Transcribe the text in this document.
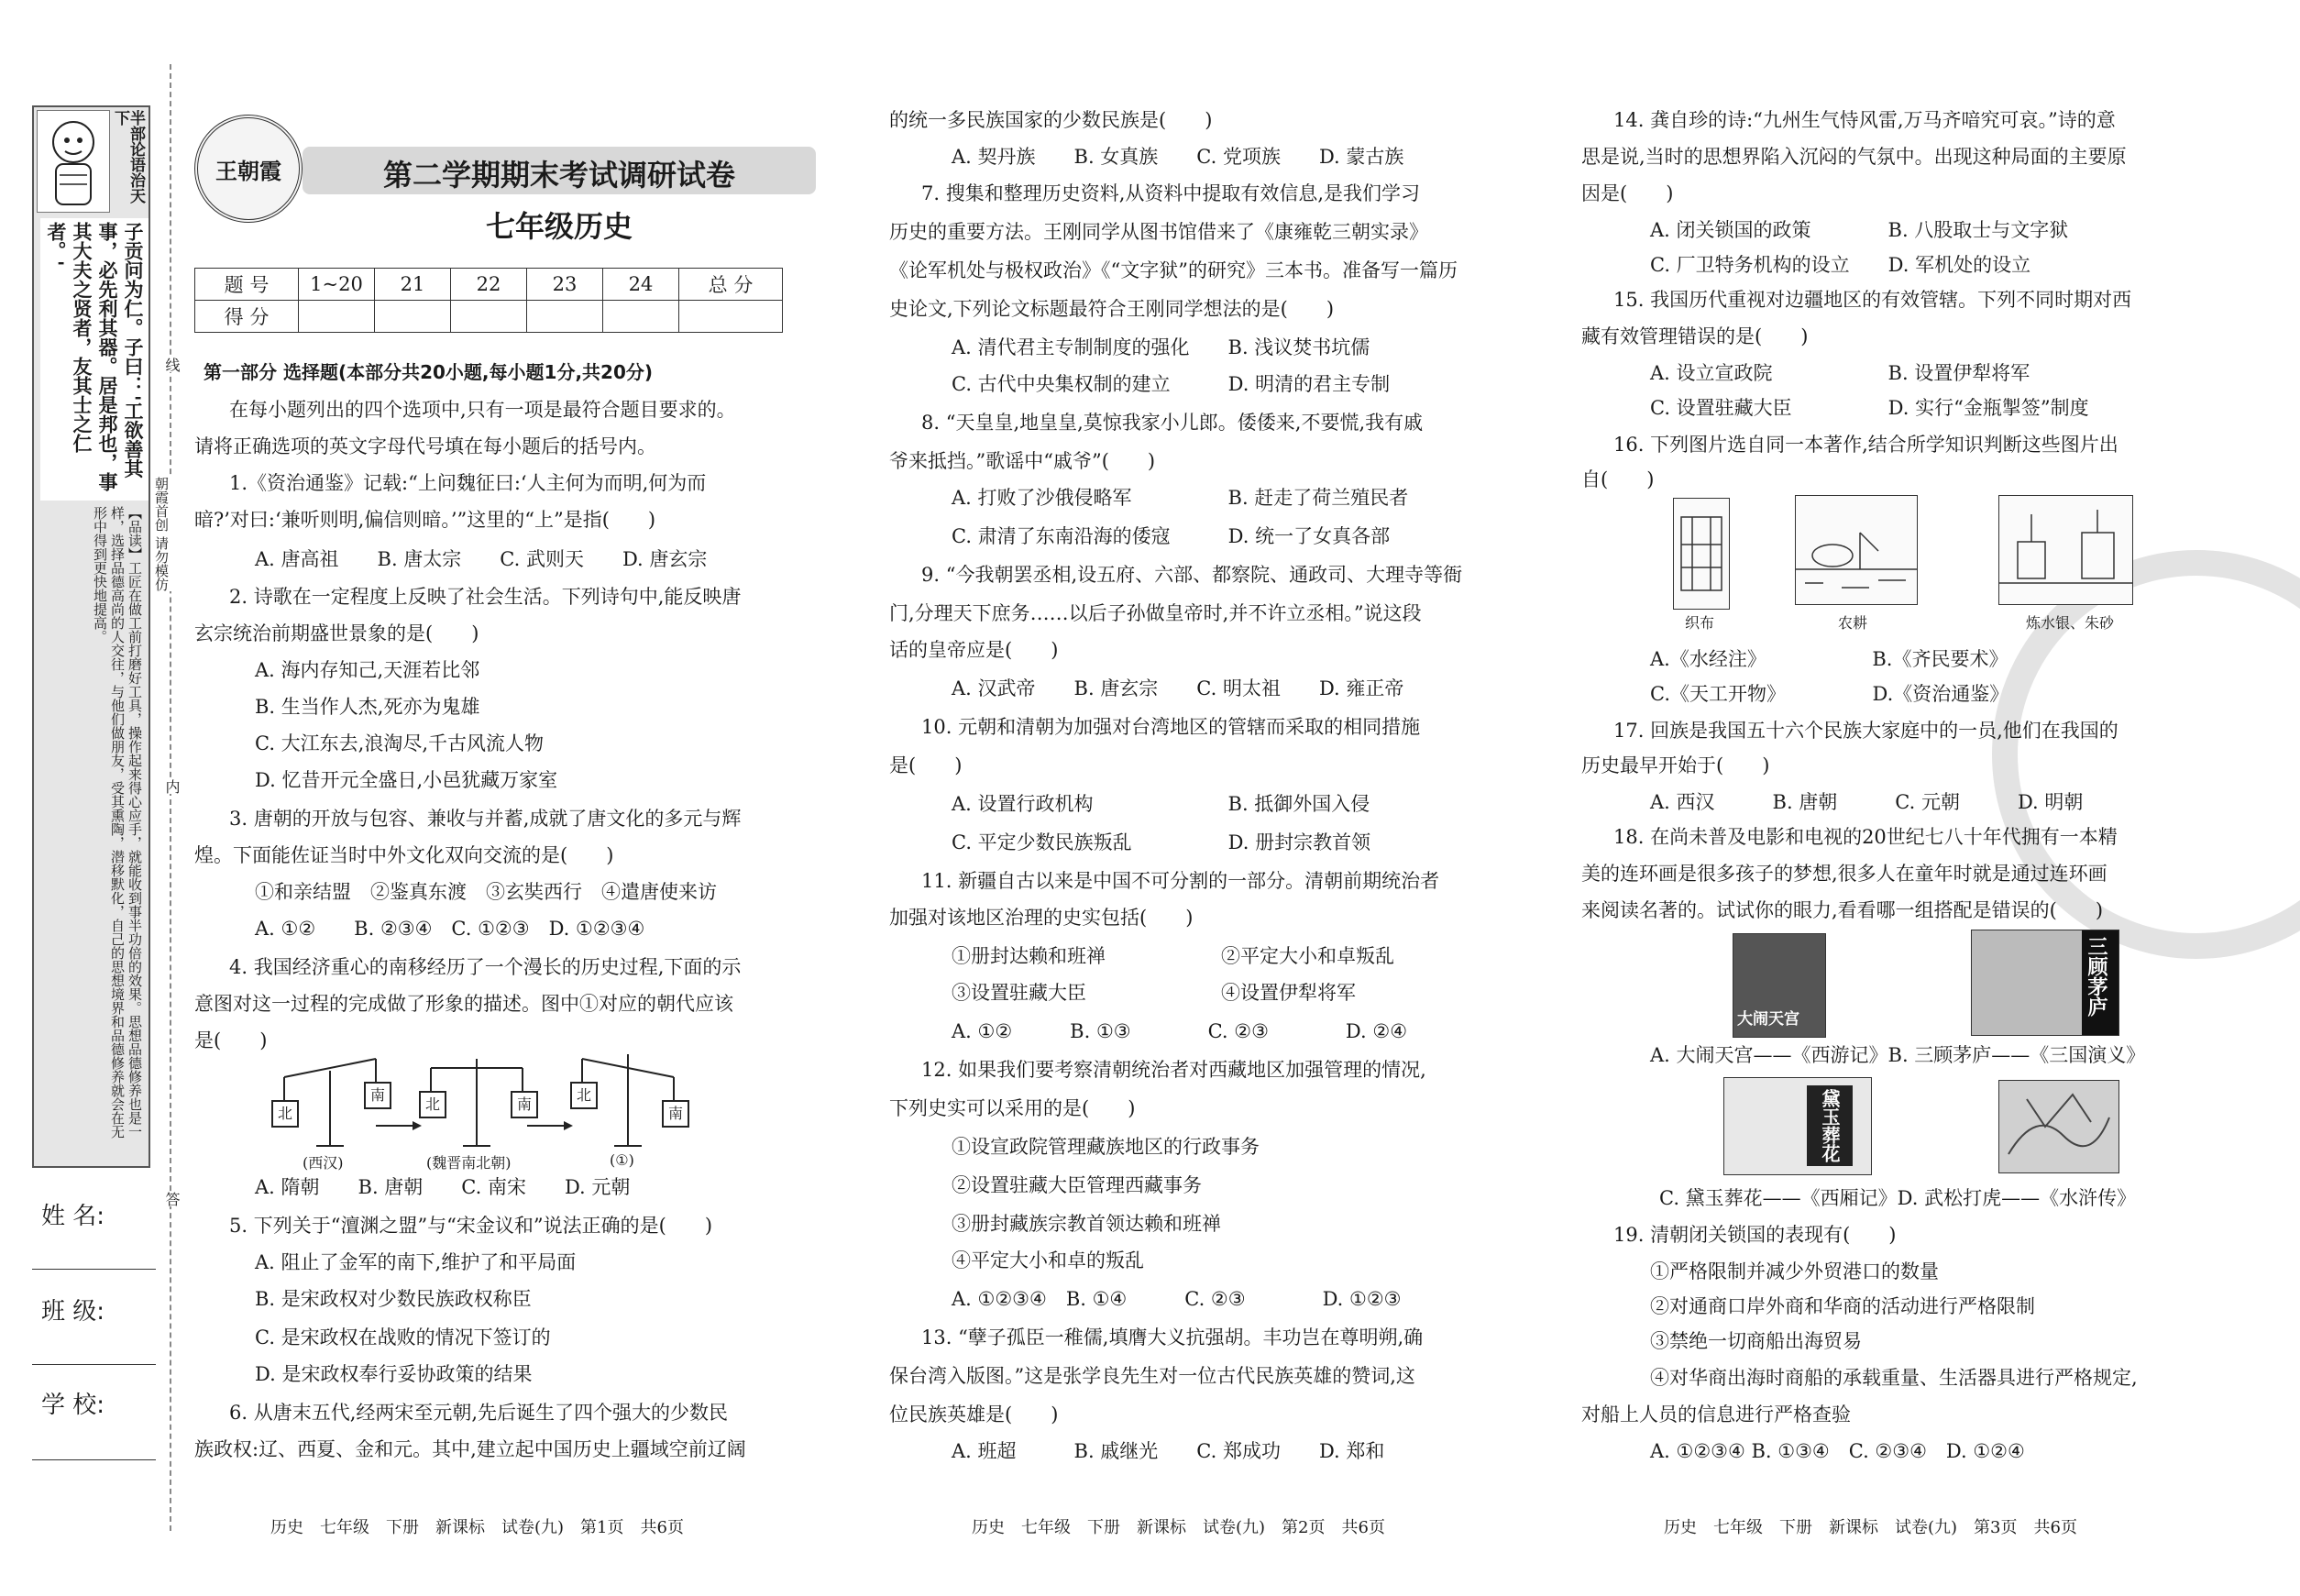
半部论语治天下
子贡问为仁。子曰：'工欲善其事，必先利其器。居是邦也，事其大夫之贤者，友其士之仁者。'
【品读】工匠在做工前打磨好工具，操作起来得心应手，就能收到事半功倍的效果。思想品德修养也是一样，选择品德高尚的人交往，与他们做朋友，受其熏陶，潜移默化，自己的思想境界和品德修养就会在无形中得到更快地提高。
线
朝霞首创 请勿模仿
内
答
姓 名:
班 级:
学 校:
王朝霞	第二学期期末考试调研试卷
七年级历史
题 号	1~20	21	22	23	24	总 分
得 分						
第一部分 选择题(本部分共20小题,每小题1分,共20分)
在每小题列出的四个选项中,只有一项是最符合题目要求的。
请将正确选项的英文字母代号填在每小题后的括号内。
1.《资治通鉴》记载:“上问魏征曰:‘人主何为而明,何为而
暗?’对曰:‘兼听则明,偏信则暗。’”这里的“上”是指(　　)
A. 唐高祖　　B. 唐太宗　　C. 武则天　　D. 唐玄宗
2. 诗歌在一定程度上反映了社会生活。下列诗句中,能反映唐
玄宗统治前期盛世景象的是(　　)
A. 海内存知己,天涯若比邻
B. 生当作人杰,死亦为鬼雄
C. 大江东去,浪淘尽,千古风流人物
D. 忆昔开元全盛日,小邑犹藏万家室
3. 唐朝的开放与包容、兼收与并蓄,成就了唐文化的多元与辉
煌。下面能佐证当时中外文化双向交流的是(　　)
①和亲结盟　②鉴真东渡　③玄奘西行　④遣唐使来访
A. ①②　　B. ②③④　C. ①②③　D. ①②③④
4. 我国经济重心的南移经历了一个漫长的历史过程,下面的示
意图对这一过程的完成做了形象的描述。图中①对应的朝代应该
是(　　)
北
南
北	南
北
南
(西汉)	(魏晋南北朝)	(①)
A. 隋朝　　B. 唐朝　　C. 南宋　　D. 元朝
5. 下列关于“澶渊之盟”与“宋金议和”说法正确的是(　　)
A. 阻止了金军的南下,维护了和平局面
B. 是宋政权对少数民族政权称臣
C. 是宋政权在战败的情况下签订的
D. 是宋政权奉行妥协政策的结果
6. 从唐末五代,经两宋至元朝,先后诞生了四个强大的少数民
族政权:辽、西夏、金和元。其中,建立起中国历史上疆域空前辽阔
历史　七年级　下册　新课标　试卷(九)　第1页　共6页
的统一多民族国家的少数民族是(　　)
A. 契丹族　　B. 女真族　　C. 党项族　　D. 蒙古族
7. 搜集和整理历史资料,从资料中提取有效信息,是我们学习
历史的重要方法。王刚同学从图书馆借来了《康雍乾三朝实录》
《论军机处与极权政治》《“文字狱”的研究》三本书。准备写一篇历
史论文,下列论文标题最符合王刚同学想法的是(　　)
A. 清代君主专制制度的强化　　B. 浅议焚书坑儒
C. 古代中央集权制的建立　　　D. 明清的君主专制
8. “天皇皇,地皇皇,莫惊我家小儿郎。倭倭来,不要慌,我有戚
爷来抵挡。”歌谣中“戚爷”(　　)
A. 打败了沙俄侵略军　　　　　B. 赶走了荷兰殖民者
C. 肃清了东南沿海的倭寇　　　D. 统一了女真各部
9. “今我朝罢丞相,设五府、六部、都察院、通政司、大理寺等衙
门,分理天下庶务……以后子孙做皇帝时,并不许立丞相。”说这段
话的皇帝应是(　　)
A. 汉武帝　　B. 唐玄宗　　C. 明太祖　　D. 雍正帝
10. 元朝和清朝为加强对台湾地区的管辖而采取的相同措施
是(　　)
A. 设置行政机构　　　　　　　B. 抵御外国入侵
C. 平定少数民族叛乱　　　　　D. 册封宗教首领
11. 新疆自古以来是中国不可分割的一部分。清朝前期统治者
加强对该地区治理的史实包括(　　)
①册封达赖和班禅　　　　　　②平定大小和卓叛乱
③设置驻藏大臣　　　　　　　④设置伊犁将军
A. ①②　　　B. ①③　　　　C. ②③　　　　D. ②④
12. 如果我们要考察清朝统治者对西藏地区加强管理的情况,
下列史实可以采用的是(　　)
①设宣政院管理藏族地区的行政事务
②设置驻藏大臣管理西藏事务
③册封藏族宗教首领达赖和班禅
④平定大小和卓的叛乱
A. ①②③④　B. ①④　　　C. ②③　　　　D. ①②③
13. “孽子孤臣一稚儒,填膺大义抗强胡。丰功岂在尊明朔,确
保台湾入版图。”这是张学良先生对一位古代民族英雄的赞词,这
位民族英雄是(　　)
A. 班超　　　B. 戚继光　　C. 郑成功　　D. 郑和
历史　七年级　下册　新课标　试卷(九)　第2页　共6页
14. 龚自珍的诗:“九州生气恃风雷,万马齐喑究可哀。”诗的意
思是说,当时的思想界陷入沉闷的气氛中。出现这种局面的主要原
因是(　　)
A. 闭关锁国的政策　　　　B. 八股取士与文字狱
C. 厂卫特务机构的设立　　D. 军机处的设立
15. 我国历代重视对边疆地区的有效管辖。下列不同时期对西
藏有效管理错误的是(　　)
A. 设立宣政院　　　　　　B. 设置伊犁将军
C. 设置驻藏大臣　　　　　D. 实行“金瓶掣签”制度
16. 下列图片选自同一本著作,结合所学知识判断这些图片出
自(　　)
织布	农耕	炼水银、朱砂
A.《水经注》　　　　　　B.《齐民要术》
C.《天工开物》　　　　　D.《资治通鉴》
17. 回族是我国五十六个民族大家庭中的一员,他们在我国的
历史最早开始于(　　)
A. 西汉　　　B. 唐朝　　　C. 元朝　　　D. 明朝
18. 在尚未普及电影和电视的20世纪七八十年代拥有一本精
美的连环画是很多孩子的梦想,很多人在童年时就是通过连环画
来阅读名著的。试试你的眼力,看看哪一组搭配是错误的(　　)
大闹天宫
三顾茅庐
A. 大闹天宫——《西游记》B. 三顾茅庐——《三国演义》
黛玉葬花
C. 黛玉葬花——《西厢记》D. 武松打虎——《水浒传》
19. 清朝闭关锁国的表现有(　　)
①严格限制并减少外贸港口的数量
②对通商口岸外商和华商的活动进行严格限制
③禁绝一切商船出海贸易
④对华商出海时商船的承载重量、生活器具进行严格规定,
对船上人员的信息进行严格查验
A. ①②③④ B. ①③④　C. ②③④　D. ①②④
历史　七年级　下册　新课标　试卷(九)　第3页　共6页
